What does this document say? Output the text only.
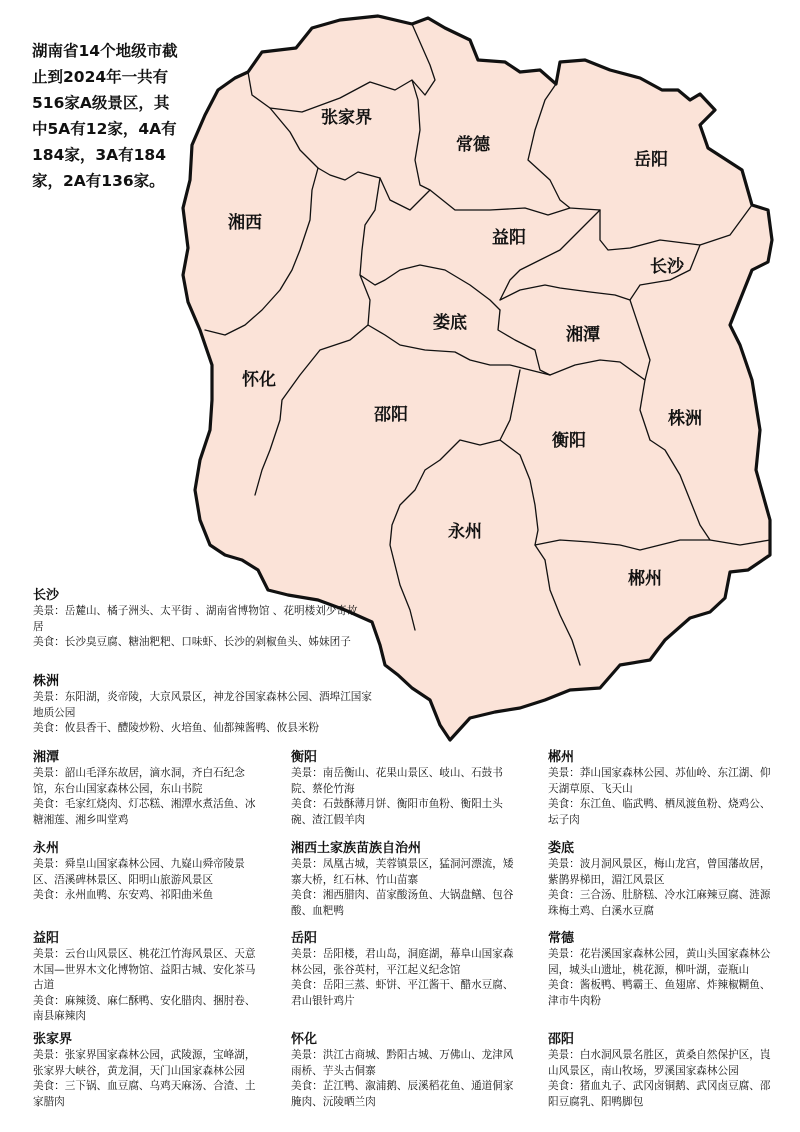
湖南省14个地级市截止到2024年一共有516家A级景区，其中5A有12家，4A有184家，3A有184家，2A有136家。
张家界
常德
岳阳
湘西
益阳
长沙
娄底
湘潭
怀化
邵阳	株洲
衡阳
永州
郴州
长沙
美景：岳麓山、橘子洲头、太平街 、湖南省博物馆 、花明楼刘少奇故居
美食：长沙臭豆腐、糖油粑粑、口味虾、长沙的剁椒鱼头、姊妹团子
株洲
美景：东阳湖，炎帝陵，大京风景区，神龙谷国家森林公园、酒埠江国家地质公园
美食：攸县香干、醴陵炒粉、火培鱼、仙都辣酱鸭、攸县米粉
湘潭
美景：韶山毛泽东故居，滴水洞，齐白石纪念馆，东台山国家森林公园，东山书院
美食：毛家红烧肉、灯芯糕、湘潭水煮活鱼、冰糖湘莲、湘乡叫堂鸡
衡阳
美景：南岳衡山、花果山景区、岐山、石鼓书院、蔡伦竹海
美食：石鼓酥薄月饼、衡阳市鱼粉、衡阳土头碗、渣江假羊肉
郴州
美景：莽山国家森林公园、苏仙岭、东江湖、仰天湖草原、飞天山
美食：东江鱼、临武鸭、栖凤渡鱼粉、烧鸡公、坛子肉
永州
美景：舜皇山国家森林公园、九嶷山舜帝陵景区、浯溪碑林景区、阳明山旅游风景区
美食：永州血鸭、东安鸡、祁阳曲米鱼
湘西土家族苗族自治州
美景：凤凰古城，芙蓉镇景区，猛洞河漂流，矮寨大桥，红石林、竹山苗寨
美食：湘西腊肉、苗家酸汤鱼、大锅盘鳝、包谷酸、血粑鸭
娄底
美景：波月洞风景区，梅山龙宫，曾国藩故居，紫鹊界梯田，湄江风景区
美食：三合汤、肚脐糕、冷水江麻辣豆腐、涟源珠梅土鸡、白溪水豆腐
益阳
美景：云台山风景区、桃花江竹海风景区、天意木国—世界木文化博物馆、益阳古城、安化茶马古道
美食：麻辣烫、麻仁酥鸭、安化腊肉、捆肘卷、南县麻辣肉
岳阳
美景：岳阳楼，君山岛，洞庭湖，幕阜山国家森林公园，张谷英村，平江起义纪念馆
美食：岳阳三蒸、虾饼、平江酱干、醋水豆腐、君山银针鸡片
常德
美景：花岩溪国家森林公园，黄山头国家森林公园，城头山遗址，桃花源，柳叶湖，壶瓶山
美食：酱板鸭、鸭霸王、鱼翅席、炸辣椒糊鱼、津市牛肉粉
张家界
美景：张家界国家森林公园，武陵源，宝峰湖，张家界大峡谷，黄龙洞，天门山国家森林公园
美食：三下锅、血豆腐、乌鸡天麻汤、合渣、土家腊肉
怀化
美景：洪江古商城、黔阳古城、万佛山、龙津风雨桥、芋头古侗寨
美食：芷江鸭、溆浦鹅、辰溪稻花鱼、通道侗家腌肉、沅陵晒兰肉
邵阳
美景：白水洞风景名胜区，黄桑自然保护区，崀山风景区，南山牧场，罗溪国家森林公园
美食：猪血丸子、武冈卤铜鹅、武冈卤豆腐、邵阳豆腐乳、阳鸭脚包
